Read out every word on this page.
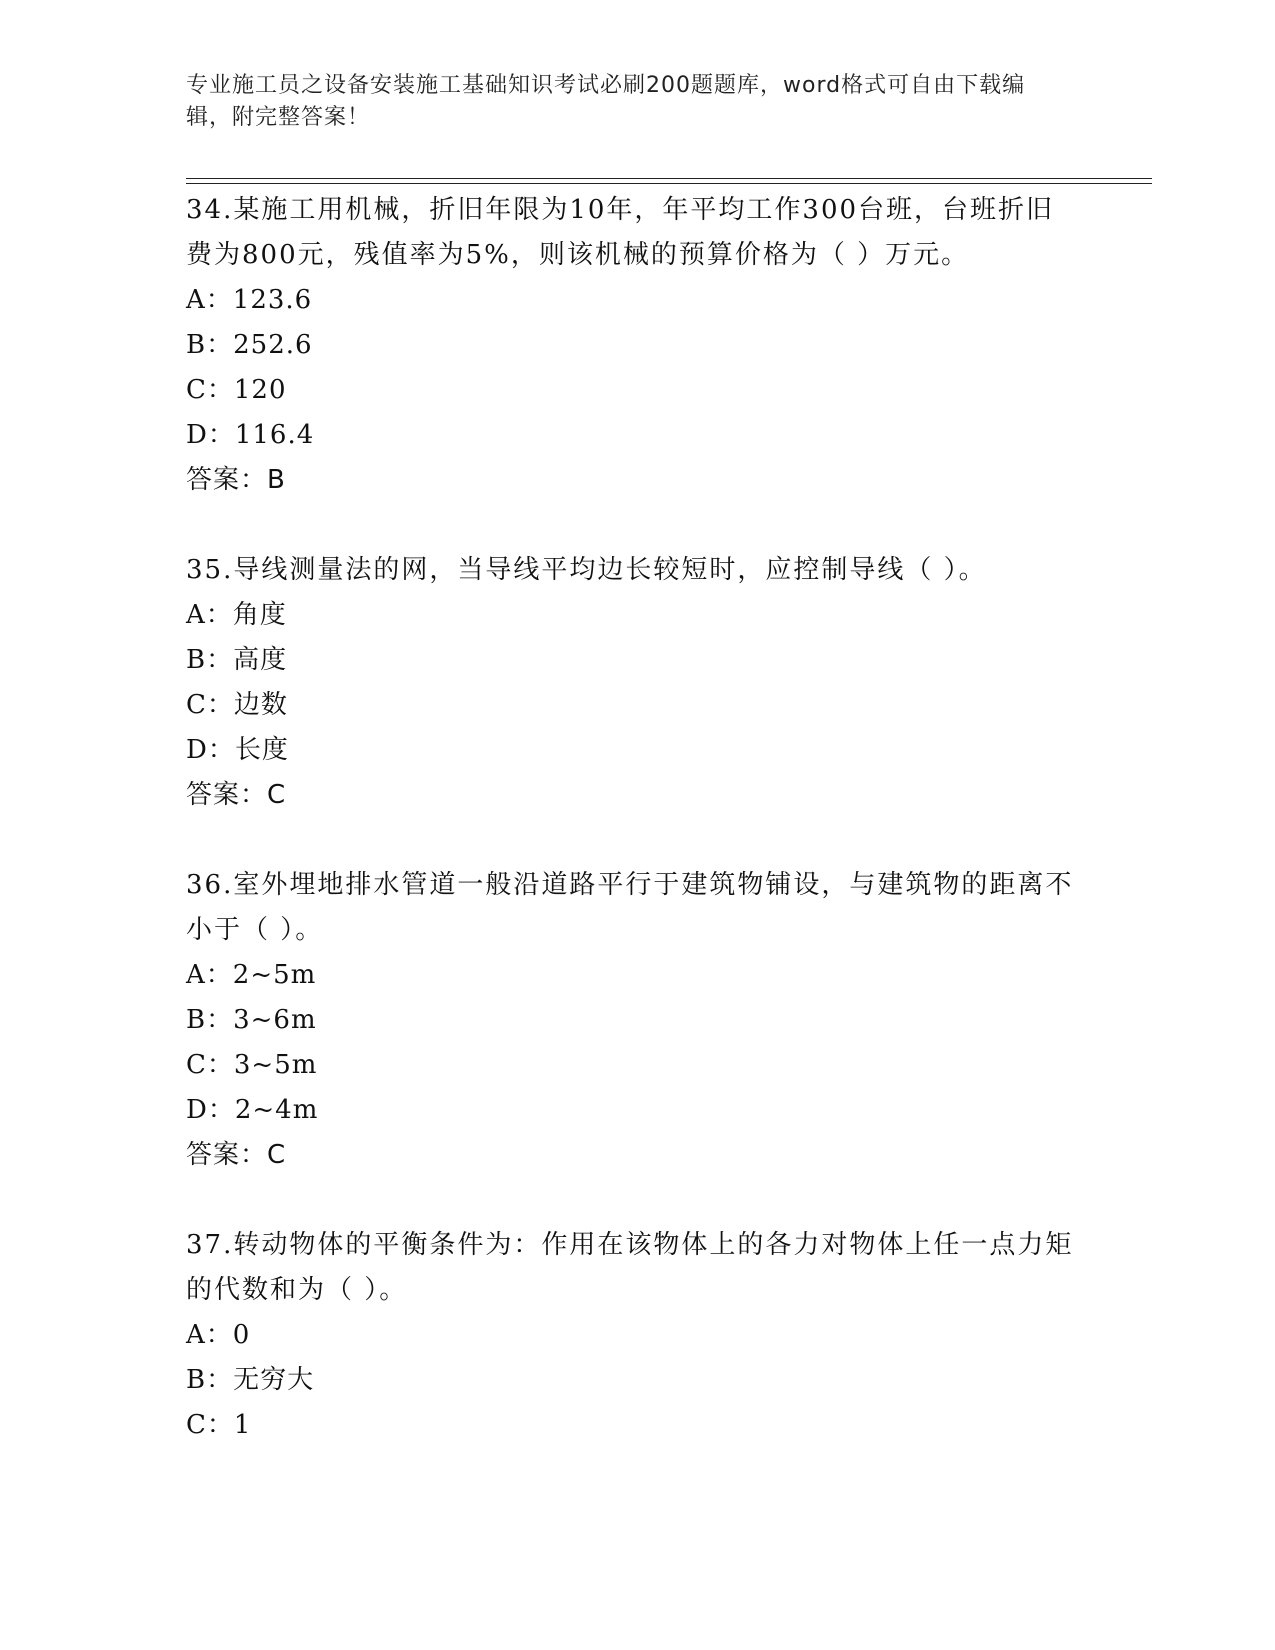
专业施工员之设备安装施工基础知识考试必刷200题题库，word格式可自由下载编辑，附完整答案！

34.某施工用机械，折旧年限为10年，年平均工作300台班，台班折旧费为800元，残值率为5%，则该机械的预算价格为（ ）万元。

A：123.6

B：252.6

C：120

D：116.4

答案：B

35.导线测量法的网，当导线平均边长较短时，应控制导线（ ）。

A：角度

B：高度

C：边数

D：长度

答案：C

36.室外埋地排水管道一般沿道路平行于建筑物铺设，与建筑物的距离不小于（ ）。

A：2~5m

B：3~6m

C：3~5m

D：2~4m

答案：C

37.转动物体的平衡条件为：作用在该物体上的各力对物体上任一点力矩的代数和为（ ）。

A：0

B：无穷大

C：1
